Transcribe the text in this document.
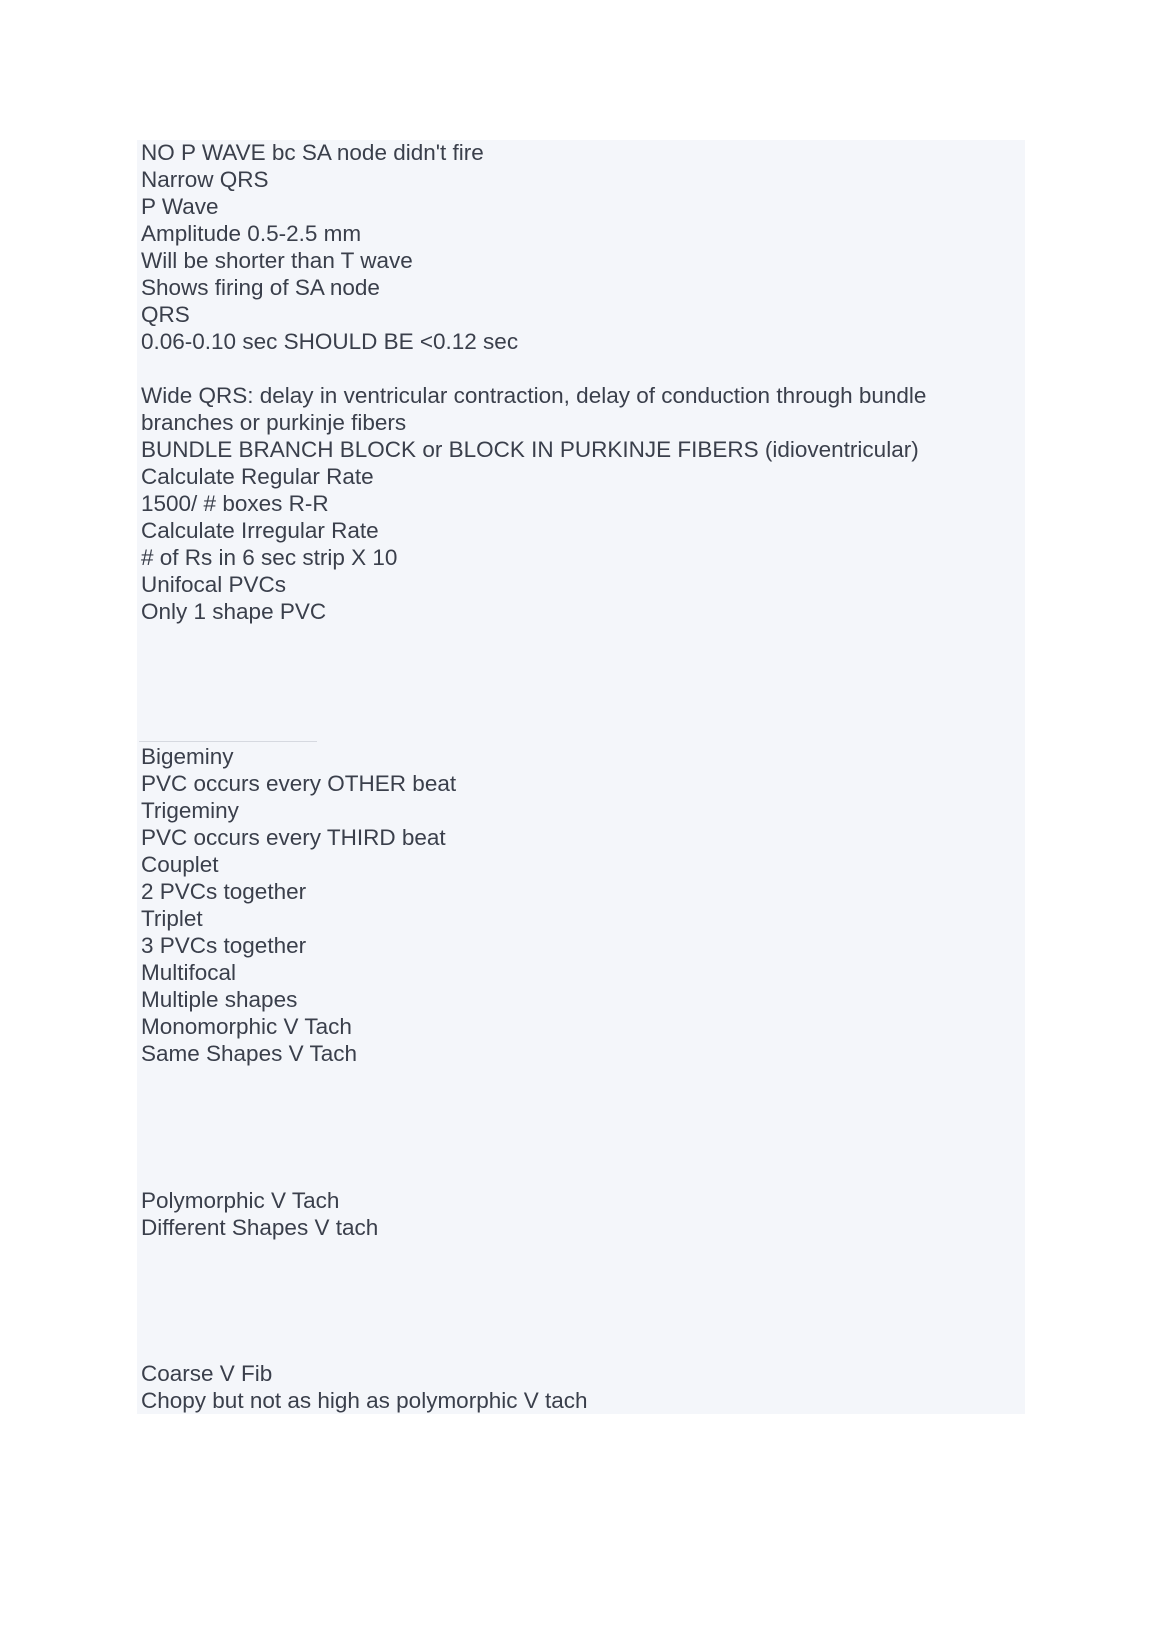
NO P WAVE bc SA node didn't fire

Narrow QRS

P Wave

Amplitude 0.5-2.5 mm

Will be shorter than T wave

Shows firing of SA node

QRS

0.06-0.10 sec SHOULD BE <0.12 sec

Wide QRS: delay in ventricular contraction, delay of conduction through bundle branches or purkinje fibers

BUNDLE BRANCH BLOCK or BLOCK IN PURKINJE FIBERS (idioventricular)

Calculate Regular Rate

1500/ # boxes R-R

Calculate Irregular Rate

# of Rs in 6 sec strip X 10

Unifocal PVCs

Only 1 shape PVC

Bigeminy

PVC occurs every OTHER beat

Trigeminy

PVC occurs every THIRD beat

Couplet

2 PVCs together

Triplet

3 PVCs together

Multifocal

Multiple shapes

Monomorphic V Tach

Same Shapes V Tach

Polymorphic V Tach

Different Shapes V tach

Coarse V Fib

Chopy but not as high as polymorphic V tach
